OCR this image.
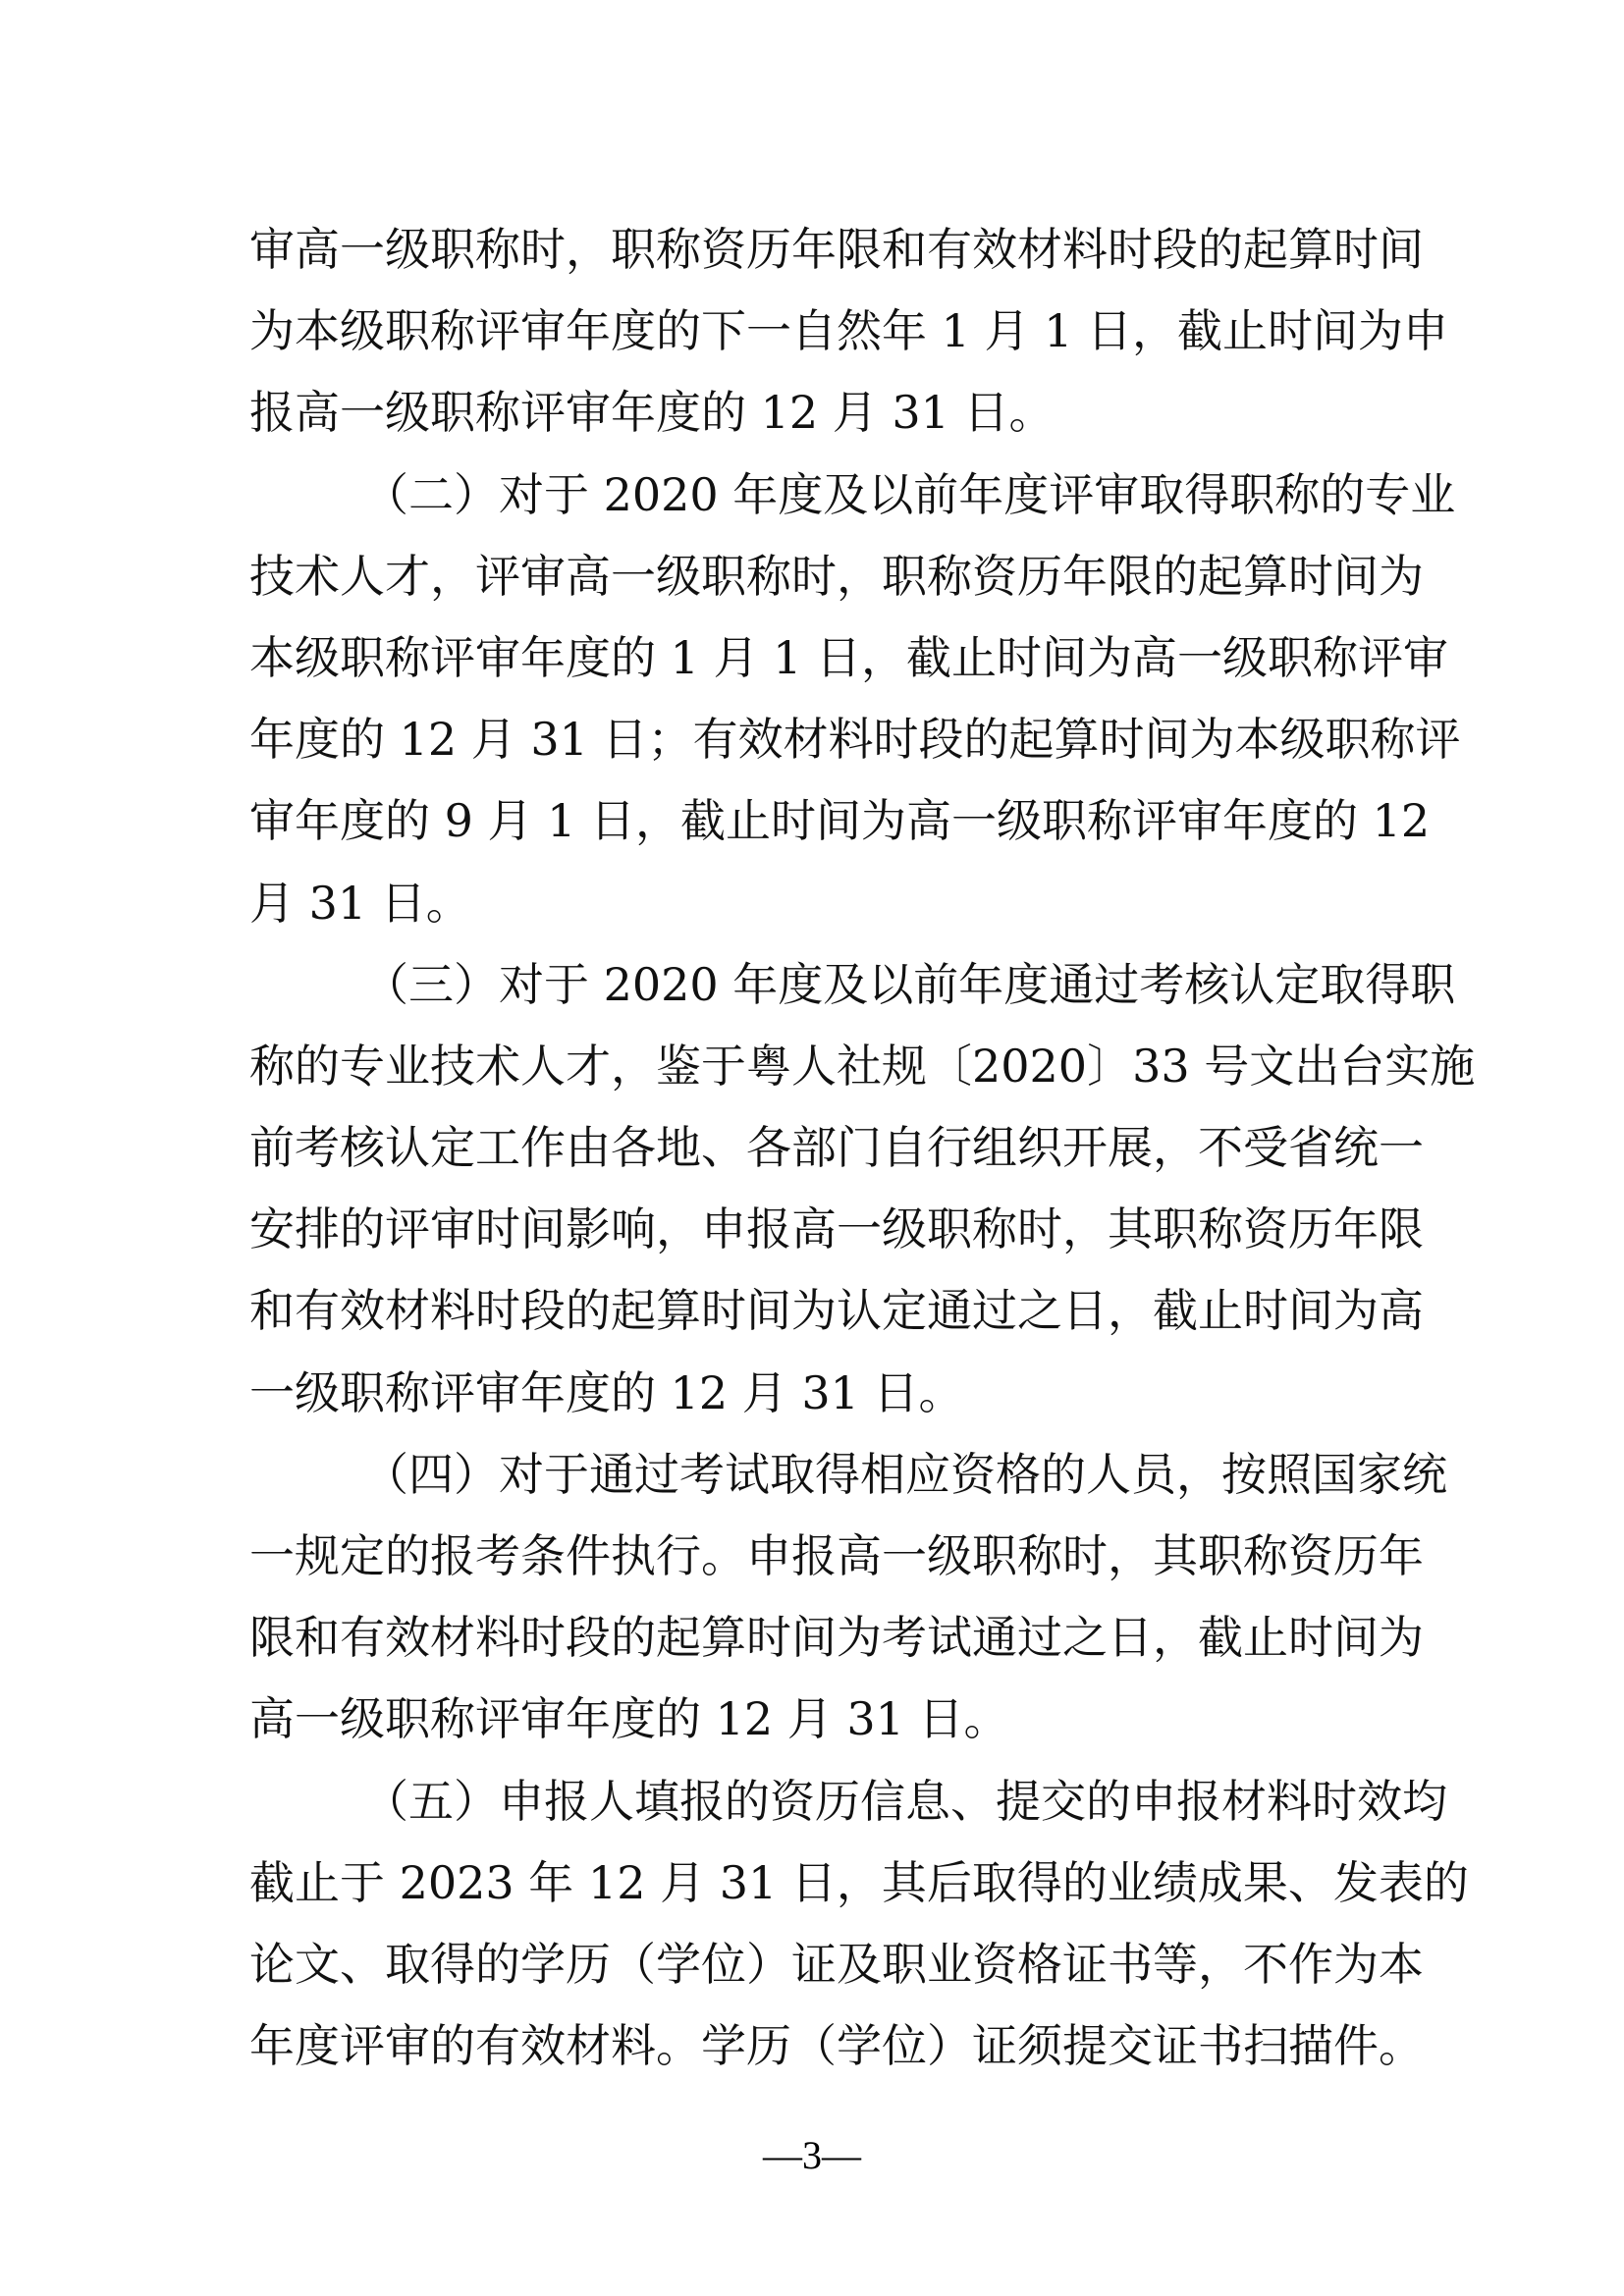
审高一级职称时，职称资历年限和有效材料时段的起算时间
为本级职称评审年度的下一自然年 1 月 1 日，截止时间为申
报高一级职称评审年度的 12 月 31 日。
（二）对于 2020 年度及以前年度评审取得职称的专业
技术人才，评审高一级职称时，职称资历年限的起算时间为
本级职称评审年度的 1 月 1 日，截止时间为高一级职称评审
年度的 12 月 31 日；有效材料时段的起算时间为本级职称评
审年度的 9 月 1 日，截止时间为高一级职称评审年度的 12
月 31 日。
（三）对于 2020 年度及以前年度通过考核认定取得职
称的专业技术人才，鉴于粤人社规〔2020〕33 号文出台实施
前考核认定工作由各地、各部门自行组织开展，不受省统一
安排的评审时间影响，申报高一级职称时，其职称资历年限
和有效材料时段的起算时间为认定通过之日，截止时间为高
一级职称评审年度的 12 月 31 日。
（四）对于通过考试取得相应资格的人员，按照国家统
一规定的报考条件执行。申报高一级职称时，其职称资历年
限和有效材料时段的起算时间为考试通过之日，截止时间为
高一级职称评审年度的 12 月 31 日。
（五）申报人填报的资历信息、提交的申报材料时效均
截止于 2023 年 12 月 31 日，其后取得的业绩成果、发表的
论文、取得的学历（学位）证及职业资格证书等，不作为本
年度评审的有效材料。学历（学位）证须提交证书扫描件。
—3—
